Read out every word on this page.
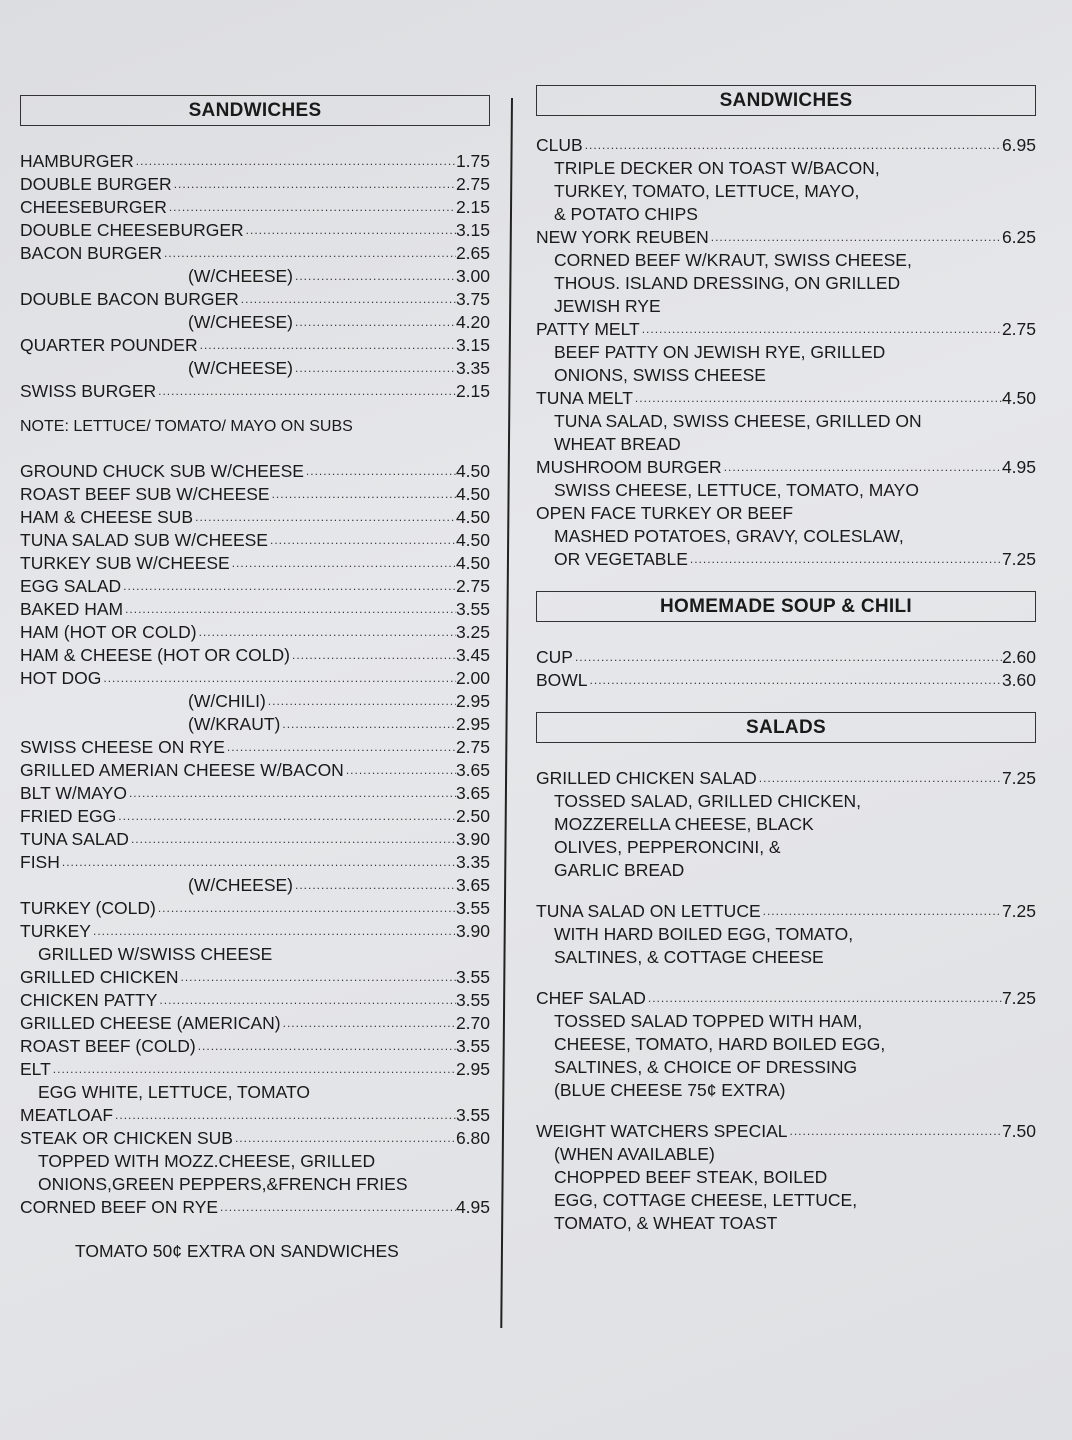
SANDWICHES
HAMBURGER .....	1.75
DOUBLE BURGER .....	2.75
CHEESEBURGER .....	2.15
DOUBLE CHEESEBURGER .....	3.15
BACON BURGER .....	2.65
(W/CHEESE) .....	3.00
DOUBLE BACON BURGER .....	3.75
(W/CHEESE) .....	4.20
QUARTER POUNDER .....	3.15
(W/CHEESE) .....	3.35
SWISS BURGER .....	2.15
NOTE: LETTUCE/ TOMATO/ MAYO ON SUBS
GROUND CHUCK SUB W/CHEESE .....	4.50
ROAST BEEF SUB W/CHEESE .....	4.50
HAM & CHEESE SUB .....	4.50
TUNA SALAD SUB W/CHEESE .....	4.50
TURKEY SUB W/CHEESE .....	4.50
EGG SALAD .....	2.75
BAKED HAM .....	3.55
HAM (HOT OR COLD) .....	3.25
HAM & CHEESE (HOT OR COLD) .....	3.45
HOT DOG .....	2.00
(W/CHILI) .....	2.95
(W/KRAUT) .....	2.95
SWISS CHEESE ON RYE .....	2.75
GRILLED AMERIAN CHEESE W/BACON .....	3.65
BLT W/MAYO .....	3.65
FRIED EGG .....	2.50
TUNA SALAD .....	3.90
FISH .....	3.35
(W/CHEESE) .....	3.65
TURKEY (COLD) .....	3.55
TURKEY .....	3.90
GRILLED W/SWISS CHEESE
GRILLED CHICKEN .....	3.55
CHICKEN PATTY .....	3.55
GRILLED CHEESE (AMERICAN) .....	2.70
ROAST BEEF (COLD) .....	3.55
ELT .....	2.95
EGG WHITE, LETTUCE, TOMATO
MEATLOAF .....	3.55
STEAK OR CHICKEN SUB .....	6.80
TOPPED WITH MOZZ.CHEESE, GRILLED
ONIONS,GREEN PEPPERS,&FRENCH FRIES
CORNED BEEF ON RYE .....	4.95
TOMATO 50¢ EXTRA ON SANDWICHES
SANDWICHES
CLUB .....	6.95
TRIPLE DECKER ON TOAST W/BACON,
TURKEY, TOMATO, LETTUCE, MAYO,
& POTATO CHIPS
NEW YORK REUBEN .....	6.25
CORNED BEEF W/KRAUT, SWISS CHEESE,
THOUS. ISLAND DRESSING, ON GRILLED
JEWISH RYE
PATTY MELT .....	2.75
BEEF PATTY ON JEWISH RYE, GRILLED
ONIONS, SWISS CHEESE
TUNA MELT .....	4.50
TUNA SALAD, SWISS CHEESE, GRILLED ON
WHEAT BREAD
MUSHROOM BURGER .....	4.95
SWISS CHEESE, LETTUCE, TOMATO, MAYO
OPEN FACE TURKEY OR BEEF
MASHED POTATOES, GRAVY, COLESLAW,
OR VEGETABLE .....	7.25
HOMEMADE SOUP & CHILI
CUP .....	2.60
BOWL .....	3.60
SALADS
GRILLED CHICKEN SALAD .....	7.25
TOSSED SALAD, GRILLED CHICKEN,
MOZZERELLA CHEESE, BLACK
OLIVES, PEPPERONCINI, &
GARLIC BREAD
TUNA SALAD ON LETTUCE .....	7.25
WITH HARD BOILED EGG, TOMATO,
SALTINES, & COTTAGE CHEESE
CHEF SALAD .....	7.25
TOSSED SALAD TOPPED WITH HAM,
CHEESE, TOMATO, HARD BOILED EGG,
SALTINES, & CHOICE OF DRESSING
(BLUE CHEESE 75¢ EXTRA)
WEIGHT WATCHERS SPECIAL .....	7.50
(WHEN AVAILABLE)
CHOPPED BEEF STEAK, BOILED
EGG, COTTAGE CHEESE, LETTUCE,
TOMATO, & WHEAT TOAST
